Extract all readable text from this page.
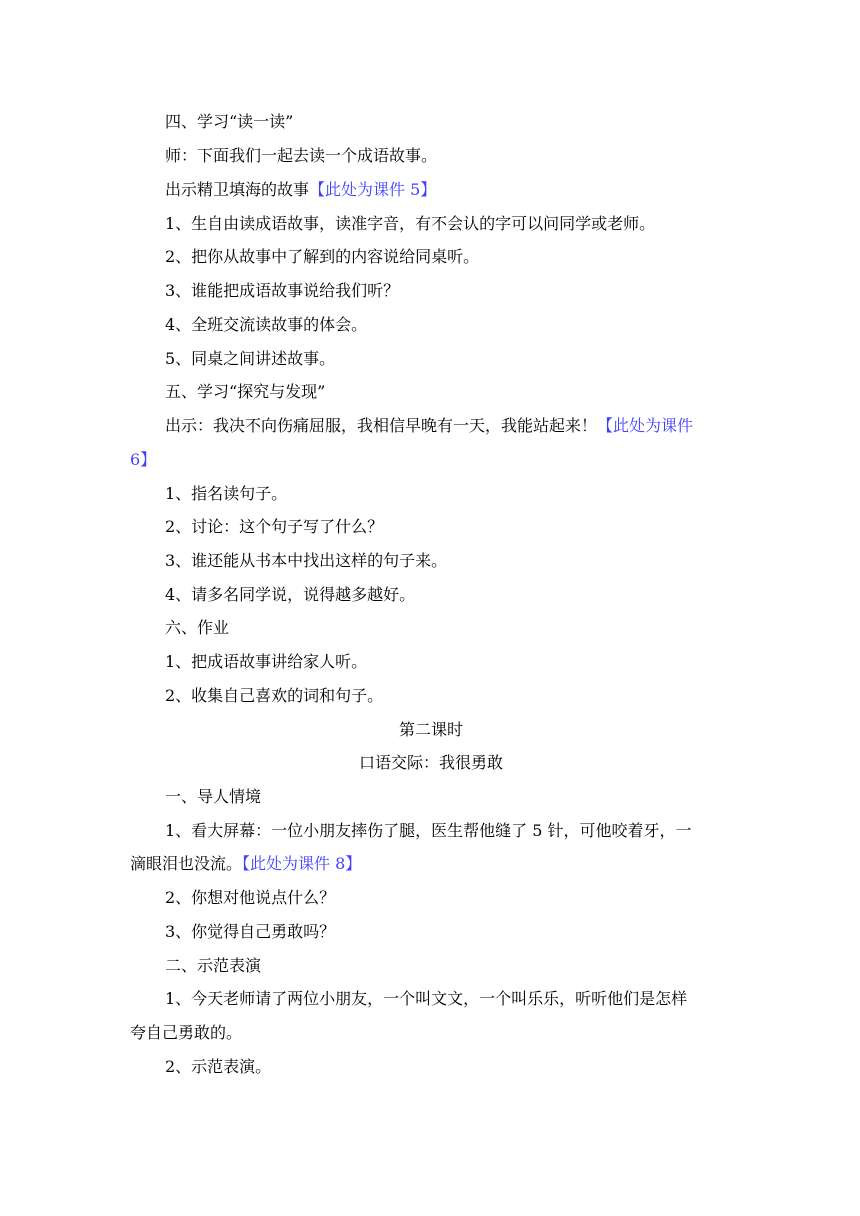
四、学习“读一读”
师：下面我们一起去读一个成语故事。
出示精卫填海的故事【此处为课件 5】
1、生自由读成语故事，读准字音，有不会认的字可以问同学或老师。
2、把你从故事中了解到的内容说给同桌听。
3、谁能把成语故事说给我们听？
4、全班交流读故事的体会。
5、同桌之间讲述故事。
五、学习“探究与发现”
出示：我决不向伤痛屈服，我相信早晚有一天，我能站起来！【此处为课件
6】
1、指名读句子。
2、讨论：这个句子写了什么？
3、谁还能从书本中找出这样的句子来。
4、请多名同学说，说得越多越好。
六、作业
1、把成语故事讲给家人听。
2、收集自己喜欢的词和句子。
第二课时
口语交际：我很勇敢
一、导人情境
1、看大屏幕：一位小朋友摔伤了腿，医生帮他缝了 5 针，可他咬着牙，一
滴眼泪也没流。【此处为课件 8】
2、你想对他说点什么？
3、你觉得自己勇敢吗？
二、示范表演
1、今天老师请了两位小朋友，一个叫文文，一个叫乐乐，听听他们是怎样
夸自己勇敢的。
2、示范表演。
